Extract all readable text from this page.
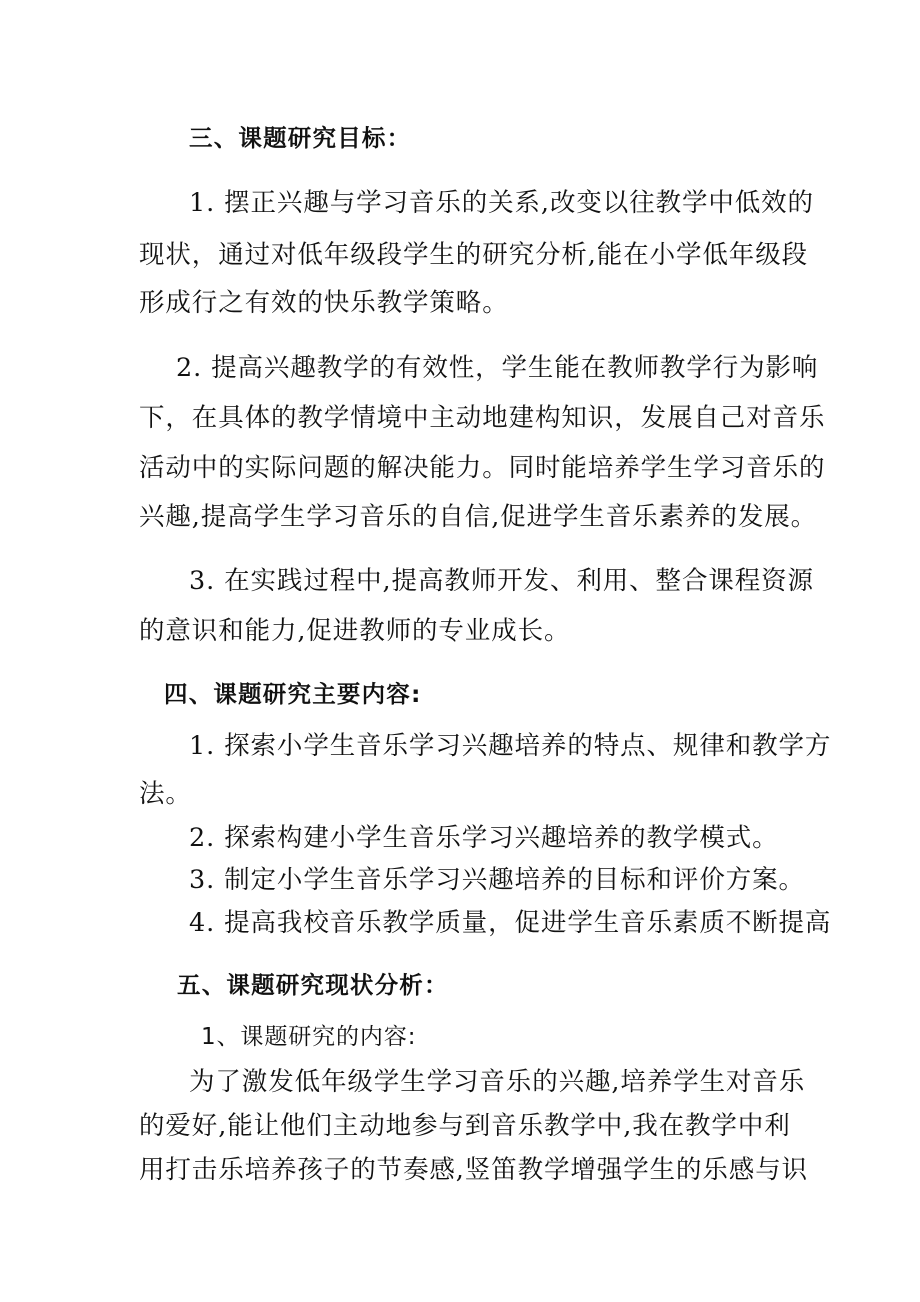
三、课题研究目标：
1. 摆正兴趣与学习音乐的关系,改变以往教学中低效的
现状，通过对低年级段学生的研究分析,能在小学低年级段
形成行之有效的快乐教学策略。
2. 提高兴趣教学的有效性，学生能在教师教学行为影响
下，在具体的教学情境中主动地建构知识，发展自己对音乐
活动中的实际问题的解决能力。同时能培养学生学习音乐的
兴趣,提高学生学习音乐的自信,促进学生音乐素养的发展。
3. 在实践过程中,提高教师开发、利用、整合课程资源
的意识和能力,促进教师的专业成长。
四、课题研究主要内容:
1. 探索小学生音乐学习兴趣培养的特点、规律和教学方
法。
2. 探索构建小学生音乐学习兴趣培养的教学模式。
3. 制定小学生音乐学习兴趣培养的目标和评价方案。
4. 提高我校音乐教学质量，促进学生音乐素质不断提高
五、课题研究现状分析：
1、课题研究的内容:
为了激发低年级学生学习音乐的兴趣,培养学生对音乐
的爱好,能让他们主动地参与到音乐教学中,我在教学中利
用打击乐培养孩子的节奏感,竖笛教学增强学生的乐感与识
